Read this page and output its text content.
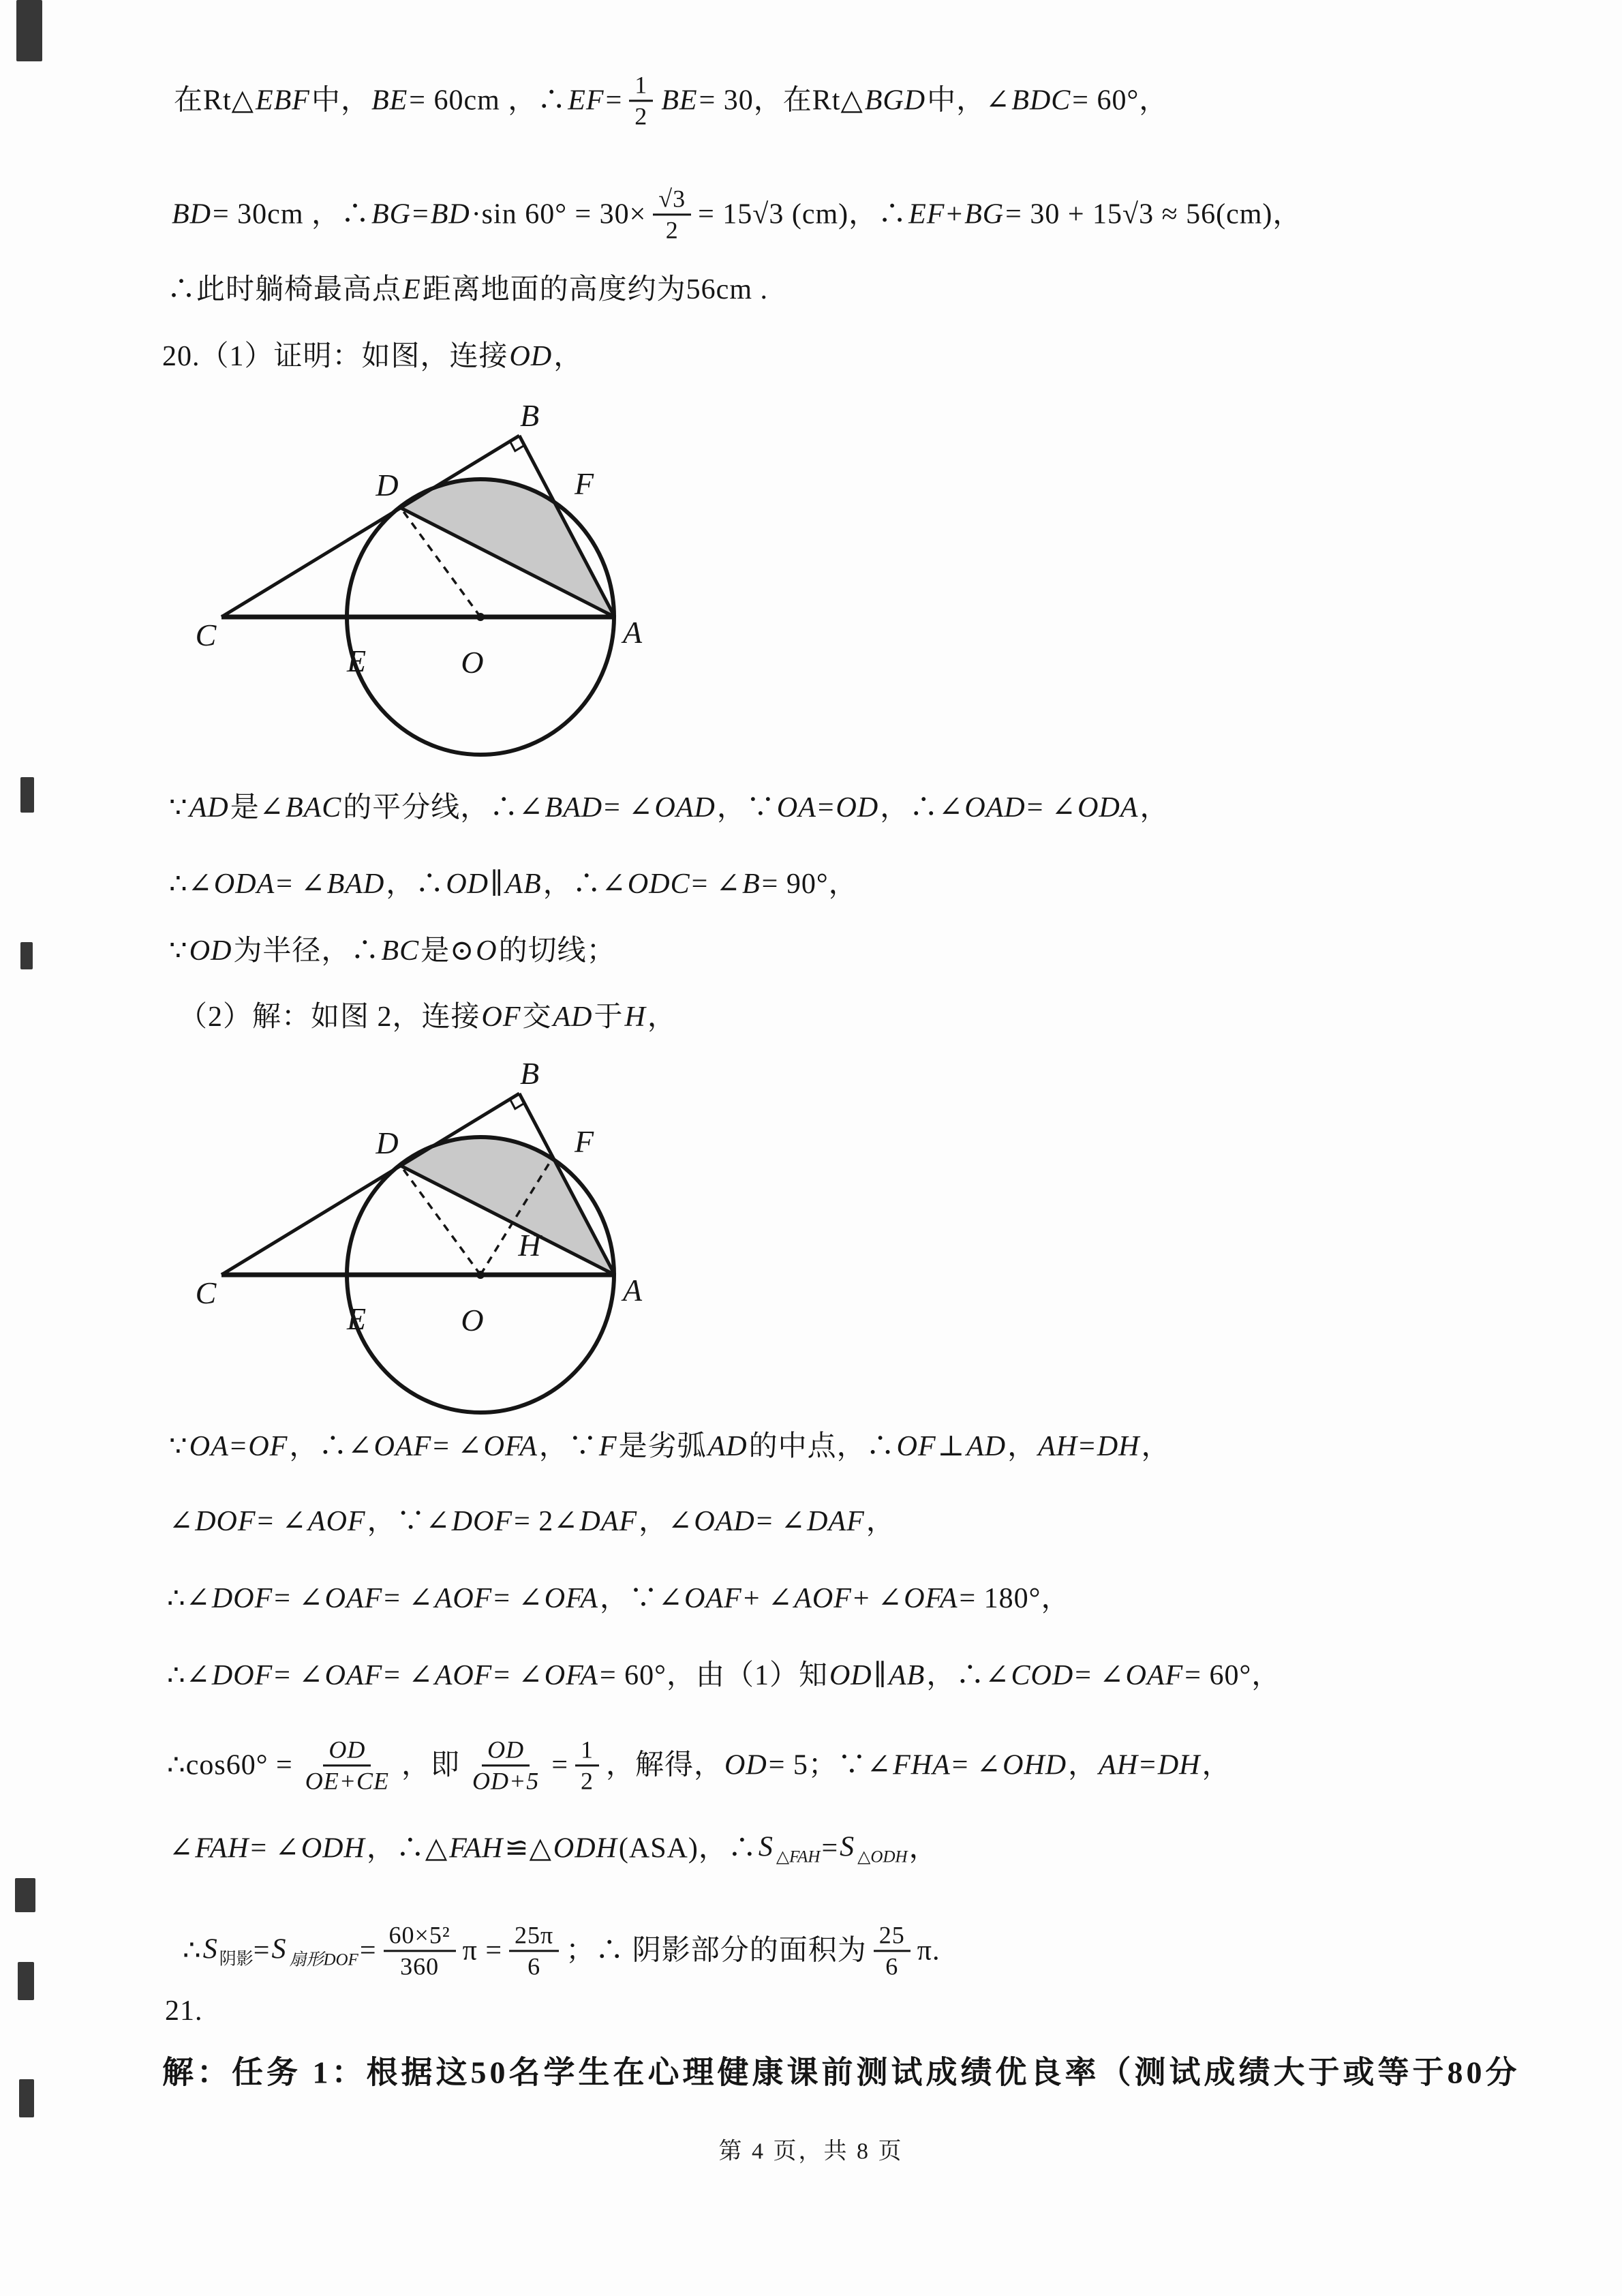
在Rt△ EBF 中， BE = 60cm ，∴ EF = $\frac{1}{2}$ BE = 30，在Rt△ BGD 中，∠ BDC = 60°，
BD = 30cm ，∴ BG = BD ·sin $60^\circ = 30\times \frac{√3}{2} = 15√3$ (cm)，∴ EF + BG = 30 + 15√3 ≈ 56(cm)，
∴此时躺椅最高点 E 距离地面的高度约为56cm .
20.（1）证明：如图，连接 OD ，
∵ AD 是∠ BAC 的平分线，∴∠ BAD = ∠ OAD ，∵ OA = OD ，∴∠ OAD = ∠ ODA ，
∴∠ ODA = ∠ BAD ，∴ OD ∥ AB ，∴∠ ODC = ∠ B = 90°，
∵ OD 为半径，∴ BC 是⊙ O 的切线；
（2）解：如图 2，连接 OF 交 AD 于 H ，
∵ OA = OF ，∴∠ OAF = ∠ OFA ，∵ F 是劣弧 AD 的中点，∴ OF ⊥ AD ， AH = DH ，
∠ DOF = ∠ AOF ，∵∠ DOF = 2∠ DAF ，∠ OAD = ∠ DAF ，
∴∠ DOF = ∠ OAF = ∠ AOF = ∠ OFA ，∵∠ OAF + ∠ AOF + ∠ OFA = 180°，
∴∠ DOF = ∠ OAF = ∠ AOF = ∠ OFA = 60°，由（1）知 OD ∥ AB ，∴∠ COD = ∠ OAF = 60°，
∴cos60° = $\frac{OD}{OE+CE}$ ，即 $\frac{OD}{OD+5} = \frac{1}{2}$ ，解得， OD = 5；∵∠ FHA = ∠ OHD ， AH = DH ，
∠ FAH = ∠ ODH ，∴△ FAH ≌△ ODH (ASA)，∴ S $_{\triangle FAH}$ = S $_{\triangle ODH}$ ，
∴ $S_{阴影} = S$ $_{扇形DOF} = \frac{\text{60×5²}}{360}$ $\pi = \frac{25\pi}{6}$ ；∴ 阴影部分的面积为 $\frac{25}{6} \pi$.
21.
解：任务 1：根据这50名学生在心理健康课前测试成绩优良率（测试成绩大于或等于80分
B
D	F
C
E	O
A
B
D	F
H
C
E	O
A
第 4 页，共 8 页
